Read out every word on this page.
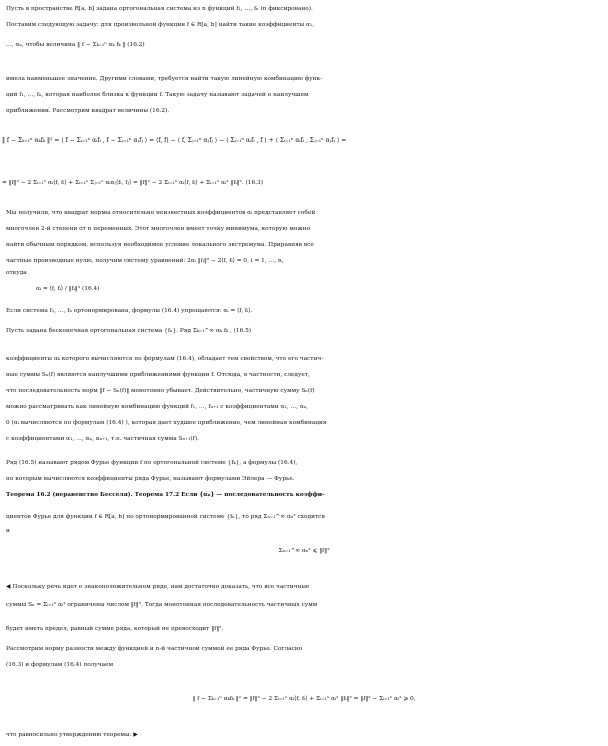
Пусть в пространстве R[a, b] задана ортогональная система из n функций f₁, …, fₙ (n фиксировано).
Поставим следующую задачу: для произвольной функции f ∈ R[a, b] найти такие коэффициенты α₁,
…, αₙ, чтобы величина ‖ f − Σₖ₌₁ⁿ αₖ fₖ ‖ (16.2)
имела наименьшее значение. Другими словами, требуется найти такую линейную комбинацию функ-
ций f₁, …, fₙ, которая наиболее близка к функции f. Такую задачу называют задачей о наилучшем
приближении. Рассмотрим квадрат величины (16.2).
‖ f − Σₖ₌₁ⁿ αₖfₖ ‖² = ⟨ f − Σᵢ₌₁ⁿ αᵢfᵢ , f − Σⱼ₌₁ⁿ αⱼfⱼ ⟩ = ⟨f, f⟩ − ⟨ f, Σⱼ₌₁ⁿ αⱼfⱼ ⟩ − ⟨ Σᵢ₌₁ⁿ αᵢfᵢ , f ⟩ + ⟨ Σᵢ₌₁ⁿ αᵢfᵢ , Σⱼ₌₁ⁿ αⱼfⱼ ⟩ =
= ‖f‖² − 2 Σᵢ₌₁ⁿ αᵢ⟨f, fᵢ⟩ + Σᵢ₌₁ⁿ Σⱼ₌₁ⁿ αᵢαⱼ⟨fᵢ, fⱼ⟩ = ‖f‖² − 2 Σᵢ₌₁ⁿ αᵢ⟨f, fᵢ⟩ + Σᵢ₌₁ⁿ αᵢ² ‖fᵢ‖². (16.3)
Мы получили, что квадрат нормы относительно неизвестных коэффициентов αᵢ представляет собой
многочлен 2-й степени от n переменных. Этот многочлен имеет точку минимума, которую можно
найти обычным порядком, используя необходимое условие локального экстремума. Приравняв все
частные производные нулю, получим систему уравнений: 2αᵢ ‖fᵢ‖² − 2⟨f, fᵢ⟩ = 0, i = 1, …, n,
откуда
αᵢ = ⟨f, fᵢ⟩ / ‖fᵢ‖² (16.4)
Если система f₁, …, fₙ ортонормирована, формулы (16.4) упрощаются: αᵢ = ⟨f, fᵢ⟩.
Пусть задана бесконечная ортогональная система {fₙ}. Ряд Σₖ₌₁^∞ αₖ fₖ , (16.5)
коэффициенты αₖ которого вычисляются по формулам (16.4), обладает тем свойством, что его частич-
ные суммы Sₙ(f) являются наилучшими приближениями функции f. Отсюда, в частности, следует,
что последовательность норм ‖f − Sₙ(f)‖ монотонно убывает. Действительно, частичную сумму Sₙ(f)
можно рассматривать как линейную комбинацию функций f₁, …, fₙ₊₁ с коэффициентами α₁, …, αₙ,
0 (αᵢ вычисляются по формулам (16.4) ), которая дает худшее приближение, чем линейная комбинация
с коэффициентами α₁, …, αₙ, αₙ₊₁, т.е. частичная сумма Sₙ₊₁(f).
Ряд (16.5) называют рядом Фурье функции f по ортогональной системе {fₖ}, а формулы (16.4),
по которым вычисляются коэффициенты ряда Фурье, называют формулами Эйлера — Фурье.
Теорема 16.2 (неравенство Бесселя). Теорема 17.2 Если {αₙ} — последовательность коэффи-
циентов Фурье для функции f ∈ R[a, b] по ортонормированной системе {fₙ}, то ряд Σₙ₌₁^∞ αₙ² сходится
и
Σₙ₌₁^∞ αₙ² ⩽ ‖f‖²
◀ Поскольку речь идет о знакоположительном ряде, нам достаточно доказать, что все частичные
суммы Sₙ = Σᵢ₌₁ⁿ αᵢ² ограничены числом ‖f‖². Тогда монотонная последовательность частичных сумм
будет иметь предел, равный сумме ряда, который не превосходит ‖f‖².
Рассмотрим норму разности между функцией и n-й частичной суммой ее ряда Фурье. Согласно
(16.3) и формулам (16.4) получаем
‖ f − Σₖ₌₁ⁿ αₖfₖ ‖² = ‖f‖² − 2 Σᵢ₌₁ⁿ αᵢ⟨f, fᵢ⟩ + Σᵢ₌₁ⁿ αᵢ² ‖fᵢ‖² = ‖f‖² − Σᵢ₌₁ⁿ αᵢ² ⩾ 0,
что равносильно утверждению теоремы. ▶
